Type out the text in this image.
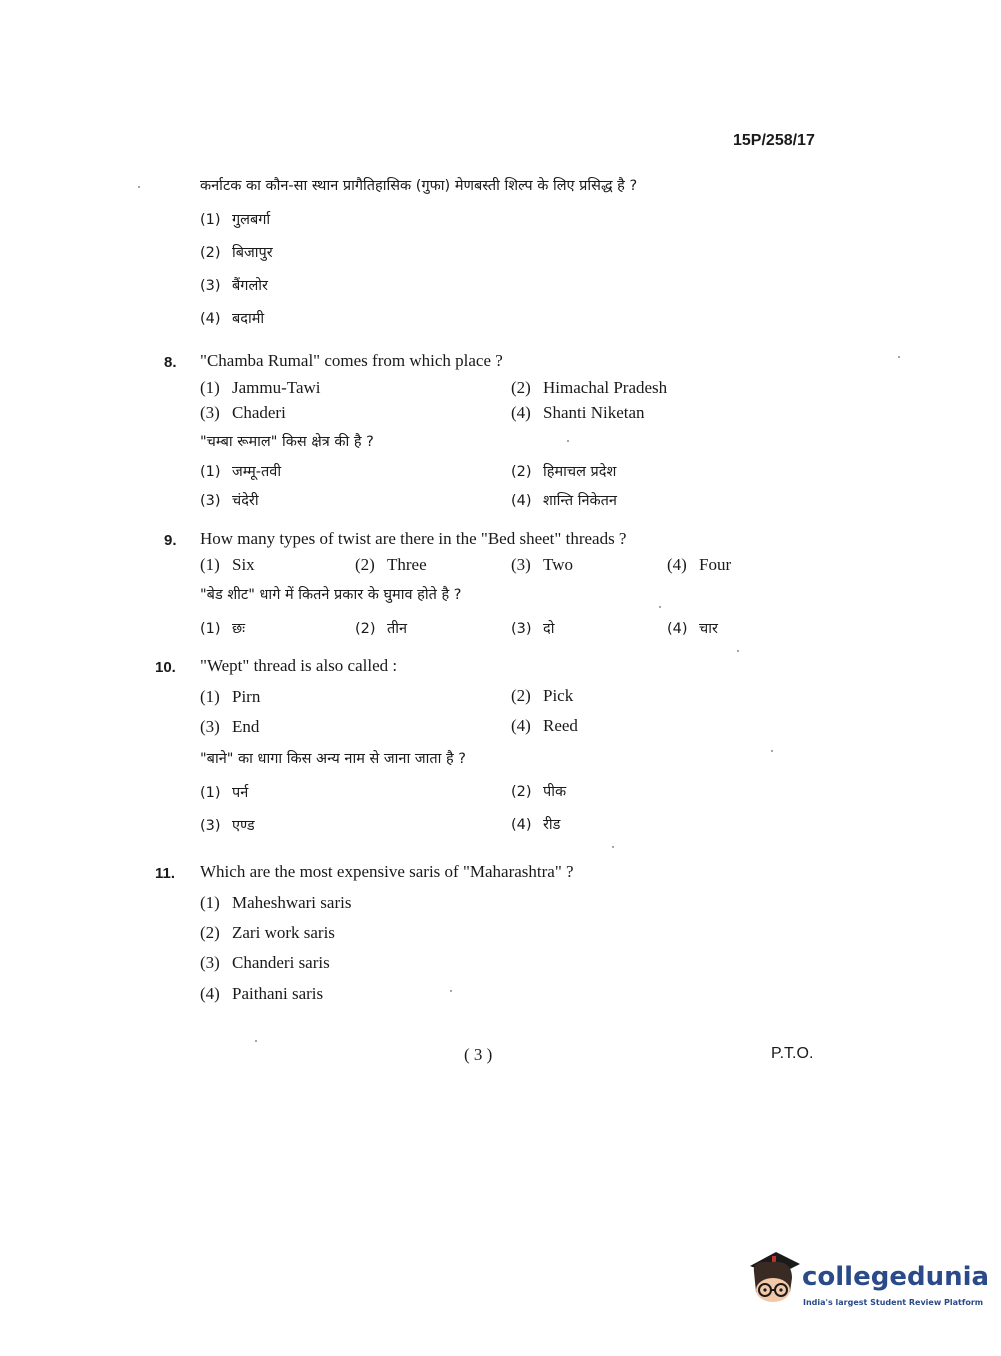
15P/258/17
कर्नाटक का कौन-सा स्थान प्रागैतिहासिक (गुफा) मेणबस्ती शिल्प के लिए प्रसिद्ध है ?
(1) गुलबर्गा
(2) बिजापुर
(3) बैंगलोर
(4) बदामी
8. "Chamba Rumal" comes from which place ?
(1) Jammu-Tawi	(2) Himachal Pradesh
(3) Chaderi	(4) Shanti Niketan
"चम्बा रूमाल" किस क्षेत्र की है ?
(1) जम्मू-तवी	(2) हिमाचल प्रदेश
(3) चंदेरी	(4) शान्ति निकेतन
9. How many types of twist are there in the "Bed sheet" threads ?
(1) Six	(2) Three	(3) Two	(4) Four
"बेड शीट" धागे में कितने प्रकार के घुमाव होते है ?
(1) छः	(2) तीन	(3) दो	(4) चार
10. "Wept" thread is also called :
(1) Pirn	(2) Pick
(3) End	(4) Reed
"बाने" का धागा किस अन्य नाम से जाना जाता है ?
(1) पर्न	(2) पीक
(3) एण्ड	(4) रीड
11. Which are the most expensive saris of "Maharashtra" ?
(1) Maheshwari saris
(2) Zari work saris
(3) Chanderi saris
(4) Paithani saris
( 3 )	P.T.O.
collegedunia
India's largest Student Review Platform
